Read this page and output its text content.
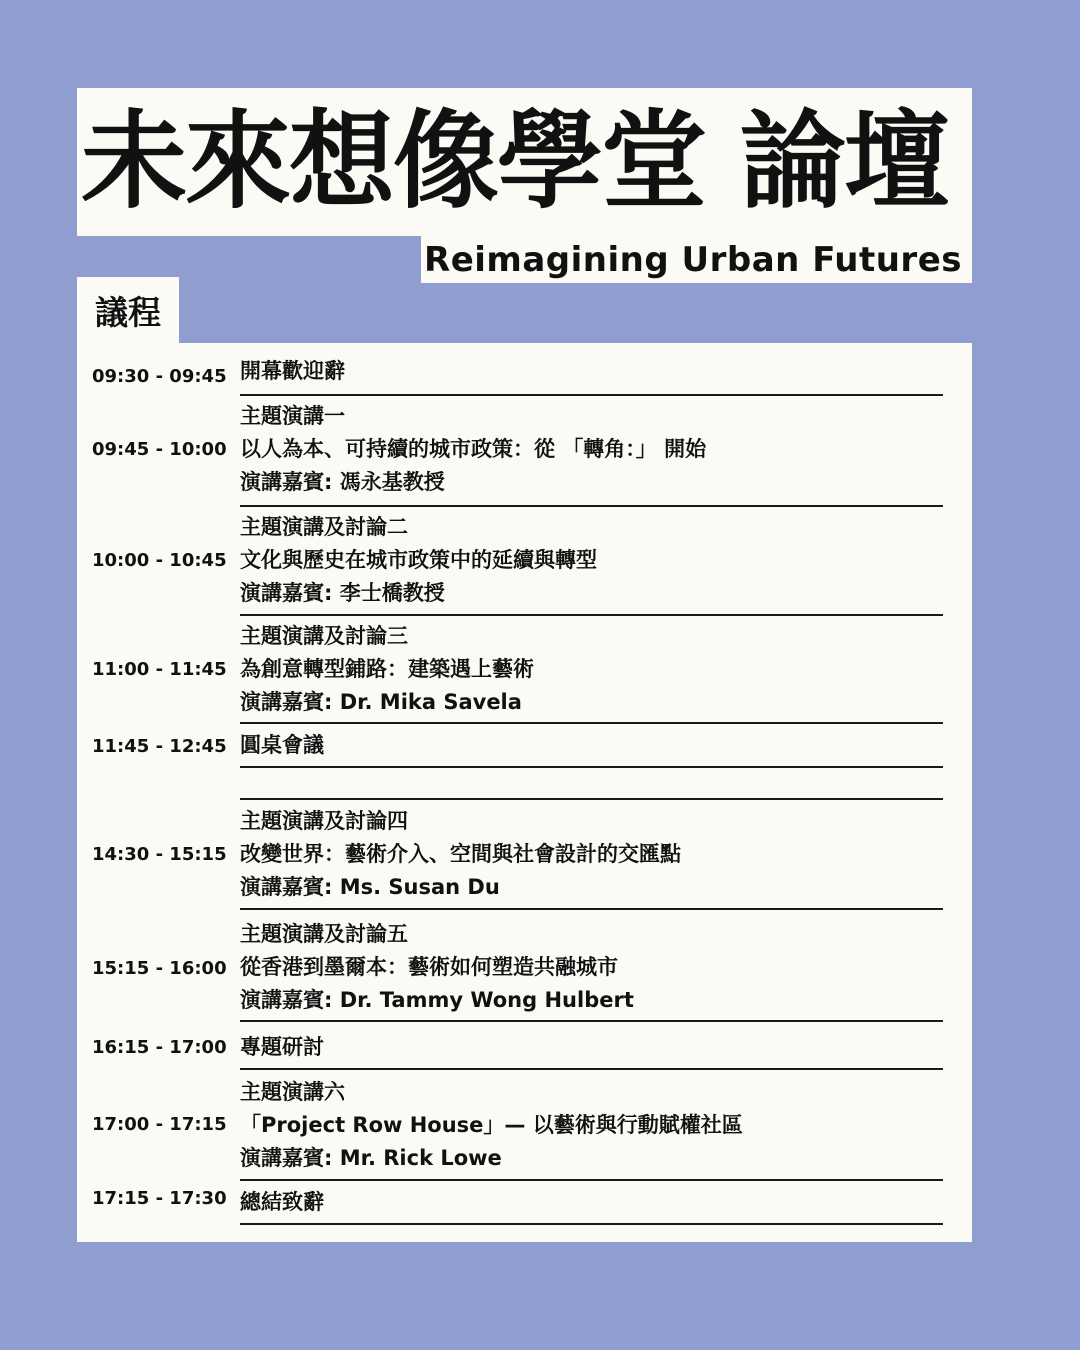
未來想像學堂 論壇
Reimagining Urban Futures
議程
09:30 - 09:45 開幕歡迎辭
09:45 - 10:00
主題演講一
以人為本、可持續的城市政策：從 「轉角：」 開始
演講嘉賓: 馮永基教授
10:00 - 10:45
主題演講及討論二
文化與歷史在城市政策中的延續與轉型
演講嘉賓: 李士橋教授
11:00 - 11:45
主題演講及討論三
為創意轉型鋪路：建築遇上藝術
演講嘉賓: Dr. Mika Savela
11:45 - 12:45 圓桌會議
14:30 - 15:15
主題演講及討論四
改變世界：藝術介入、空間與社會設計的交匯點
演講嘉賓: Ms. Susan Du
15:15 - 16:00
主題演講及討論五
從香港到墨爾本：藝術如何塑造共融城市
演講嘉賓: Dr. Tammy Wong Hulbert
16:15 - 17:00 專題研討
17:00 - 17:15
主題演講六
「Project Row House」— 以藝術與行動賦權社區
演講嘉賓: Mr. Rick Lowe
17:15 - 17:30 總結致辭
